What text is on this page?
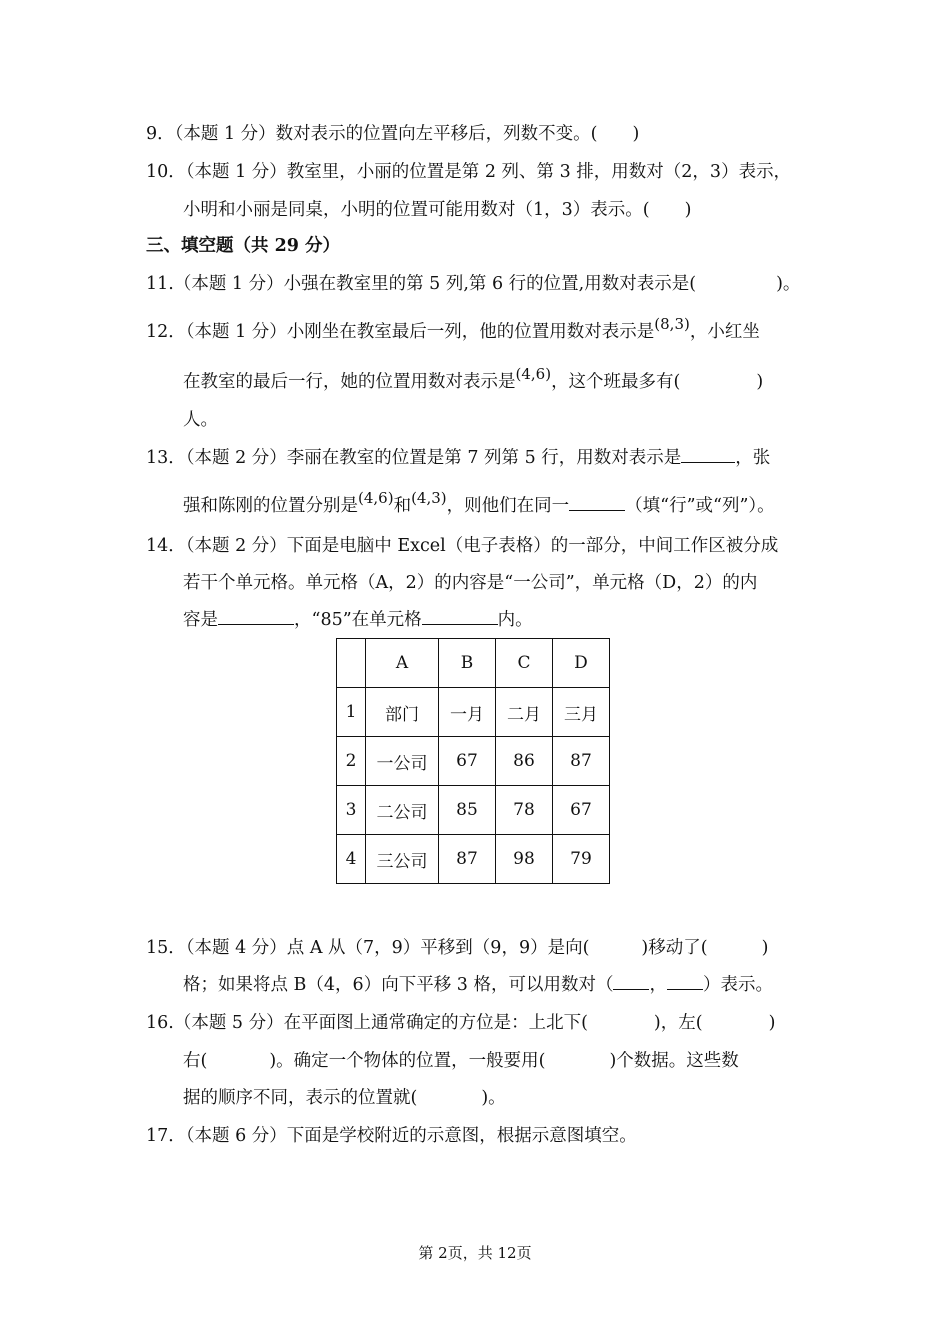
9．（本题 1 分）数对表示的位置向左平移后，列数不变。(　　)
10．（本题 1 分）教室里，小丽的位置是第 2 列、第 3 排，用数对（2，3）表示，
小明和小丽是同桌，小明的位置可能用数对（1，3）表示。(　　)
三、填空题（共 29 分）
11.（本题 1 分）小强在教室里的第 5 列,第 6 行的位置,用数对表示是(	)。
12．（本题 1 分）小刚坐在教室最后一列，他的位置用数对表示是(8,3)，小红坐
在教室的最后一行，她的位置用数对表示是(4,6)，这个班最多有(	)
人。
13．（本题 2 分）李丽在教室的位置是第 7 列第 5 行，用数对表示是	，张
强和陈刚的位置分别是(4,6)和(4,3)，则他们在同一	（填“行”或“列”）。
14．（本题 2 分）下面是电脑中 Excel（电子表格）的一部分，中间工作区被分成
若干个单元格。单元格（A，2）的内容是“一公司”，单元格（D，2）的内
容是	，“85”在单元格	内。
	A	B	C	D
1	部门	一月	二月	三月
2	一公司	67	86	87
3	二公司	85	78	67
4	三公司	87	98	79
15．（本题 4 分）点 A 从（7，9）平移到（9，9）是向(	)移动了(	)
格；如果将点 B（4，6）向下平移 3 格，可以用数对（ ， ）表示。
16.（本题 5 分）在平面图上通常确定的方位是：上北下(	)，左(	)
右(	)。确定一个物体的位置，一般要用(	)个数据。这些数
据的顺序不同，表示的位置就(	)。
17．（本题 6 分）下面是学校附近的示意图，根据示意图填空。
第 2页，共 12页
